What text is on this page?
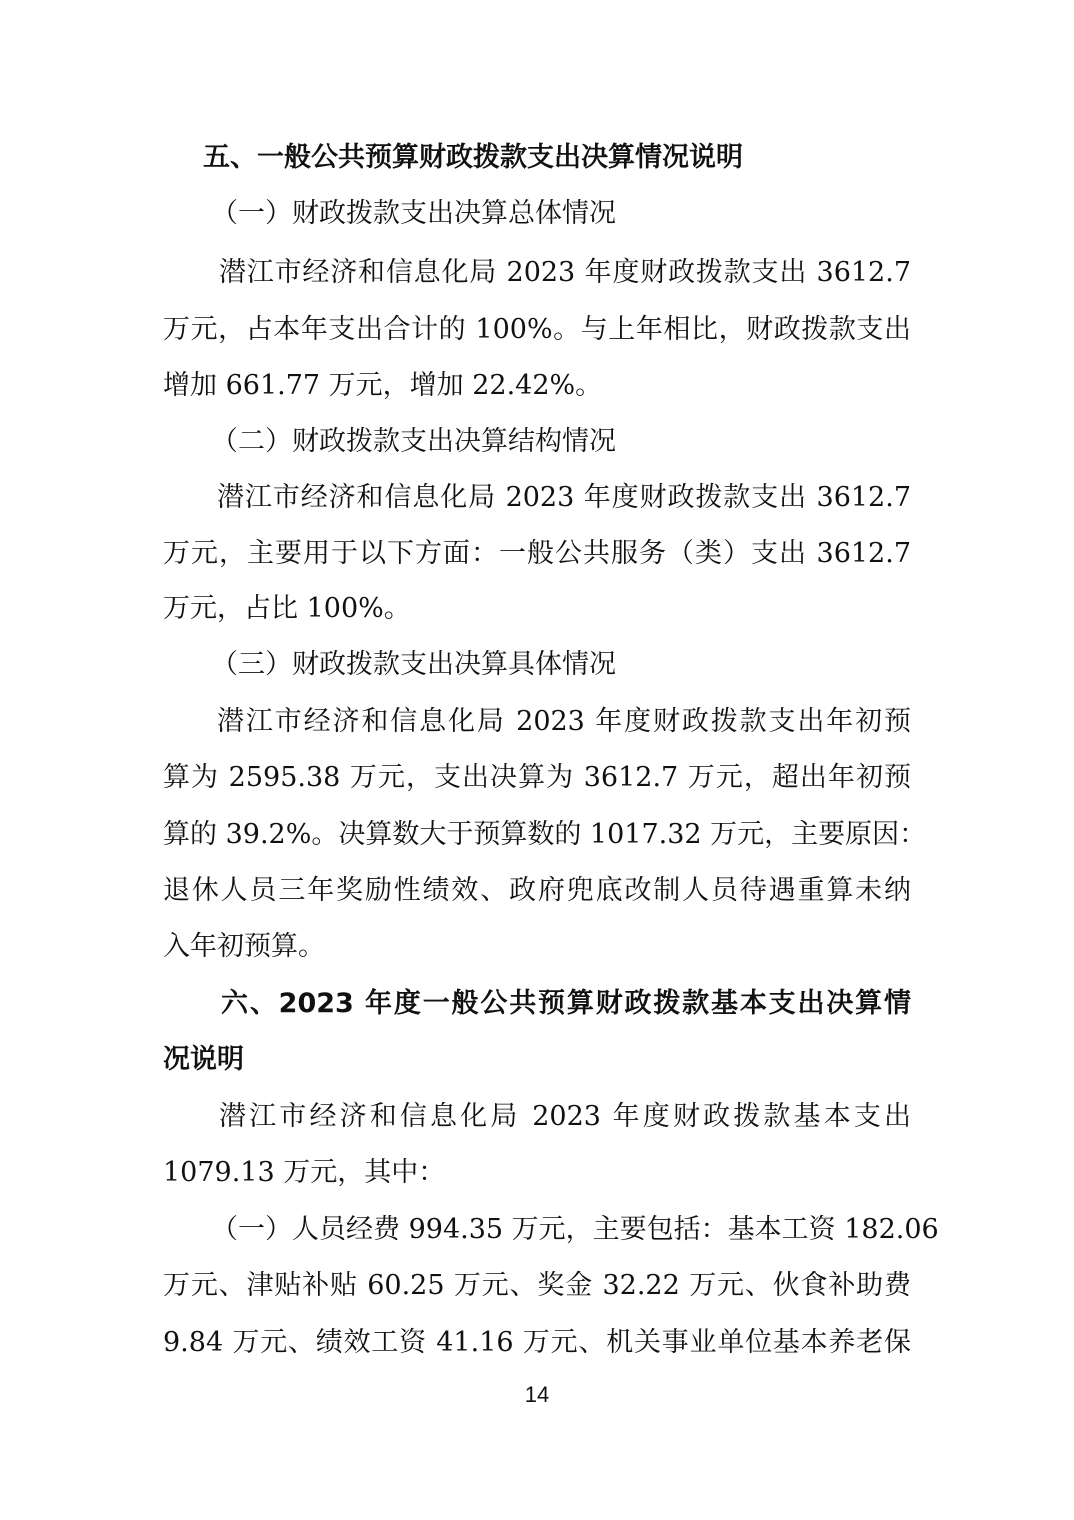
五、一般公共预算财政拨款支出决算情况说明
（一）财政拨款支出决算总体情况
潜江市经济和信息化局 2023 年度财政拨款支出 3612.7
万元，占本年支出合计的 100%。与上年相比，财政拨款支出
增加 661.77 万元，增加 22.42%。
（二）财政拨款支出决算结构情况
潜江市经济和信息化局 2023 年度财政拨款支出 3612.7
万元，主要用于以下方面：一般公共服务（类）支出 3612.7
万元，占比 100%。
（三）财政拨款支出决算具体情况
潜江市经济和信息化局 2023 年度财政拨款支出年初预
算为 2595.38 万元，支出决算为 3612.7 万元，超出年初预
算的 39.2%。决算数大于预算数的 1017.32 万元，主要原因：
退休人员三年奖励性绩效、政府兜底改制人员待遇重算未纳
入年初预算。
六、2023 年度一般公共预算财政拨款基本支出决算情
况说明
潜江市经济和信息化局 2023 年度财政拨款基本支出
1079.13 万元，其中：
（一）人员经费 994.35 万元，主要包括：基本工资 182.06
万元、津贴补贴 60.25 万元、奖金 32.22 万元、伙食补助费
9.84 万元、绩效工资 41.16 万元、机关事业单位基本养老保
14
